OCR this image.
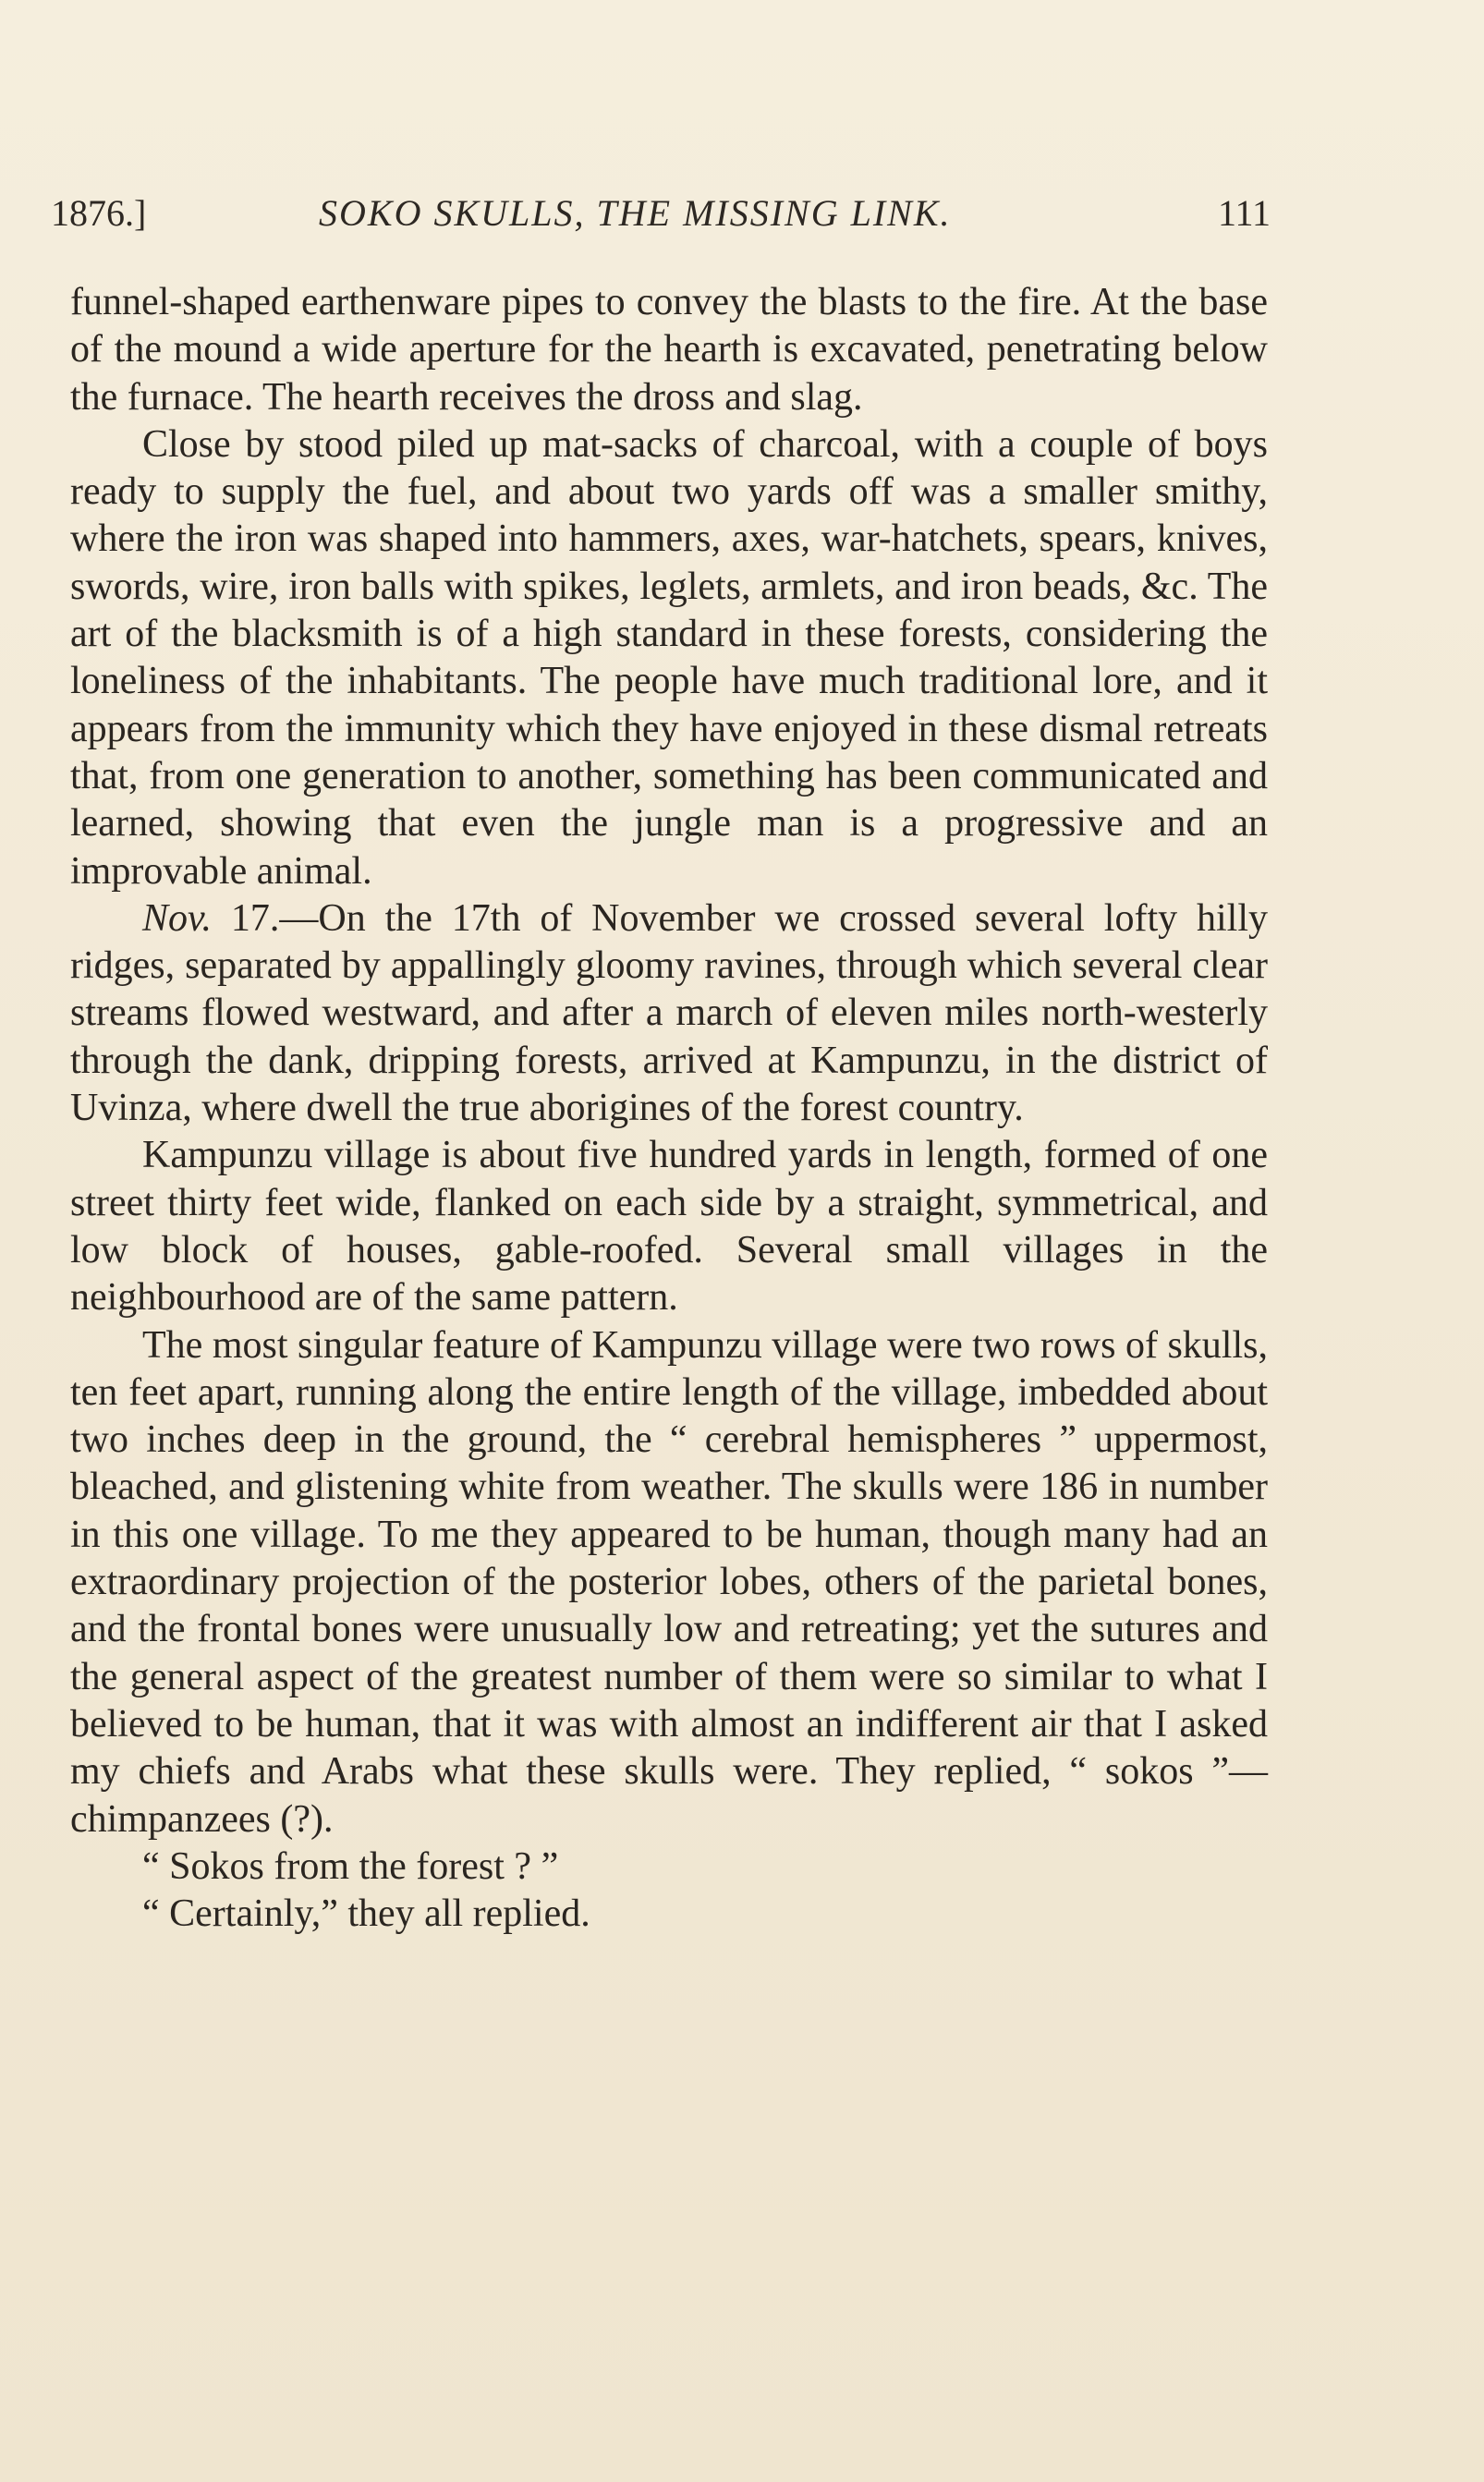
1876.]	SOKO SKULLS, THE MISSING LINK.	111

funnel-shaped earthenware pipes to convey the blasts to the fire. At the base of the mound a wide aperture for the hearth is excavated, penetrating below the furnace. The hearth receives the dross and slag.

Close by stood piled up mat-sacks of charcoal, with a couple of boys ready to supply the fuel, and about two yards off was a smaller smithy, where the iron was shaped into hammers, axes, war-hatchets, spears, knives, swords, wire, iron balls with spikes, leglets, armlets, and iron beads, &c. The art of the blacksmith is of a high standard in these forests, considering the loneliness of the inhabitants. The people have much traditional lore, and it appears from the immunity which they have enjoyed in these dismal retreats that, from one generation to another, something has been communicated and learned, showing that even the jungle man is a progressive and an improvable animal.

Nov. 17.—On the 17th of November we crossed several lofty hilly ridges, separated by appallingly gloomy ravines, through which several clear streams flowed westward, and after a march of eleven miles north-westerly through the dank, dripping forests, arrived at Kampunzu, in the district of Uvinza, where dwell the true aborigines of the forest country.

Kampunzu village is about five hundred yards in length, formed of one street thirty feet wide, flanked on each side by a straight, symmetrical, and low block of houses, gable-roofed. Several small villages in the neighbourhood are of the same pattern.

The most singular feature of Kampunzu village were two rows of skulls, ten feet apart, running along the entire length of the village, imbedded about two inches deep in the ground, the “ cerebral hemispheres ” uppermost, bleached, and glistening white from weather. The skulls were 186 in number in this one village. To me they appeared to be human, though many had an extraordinary projection of the posterior lobes, others of the parietal bones, and the frontal bones were unusually low and retreating; yet the sutures and the general aspect of the greatest number of them were so similar to what I believed to be human, that it was with almost an indifferent air that I asked my chiefs and Arabs what these skulls were. They replied, “ sokos ”—chimpanzees (?).

“ Sokos from the forest ? ”

“ Certainly,” they all replied.
